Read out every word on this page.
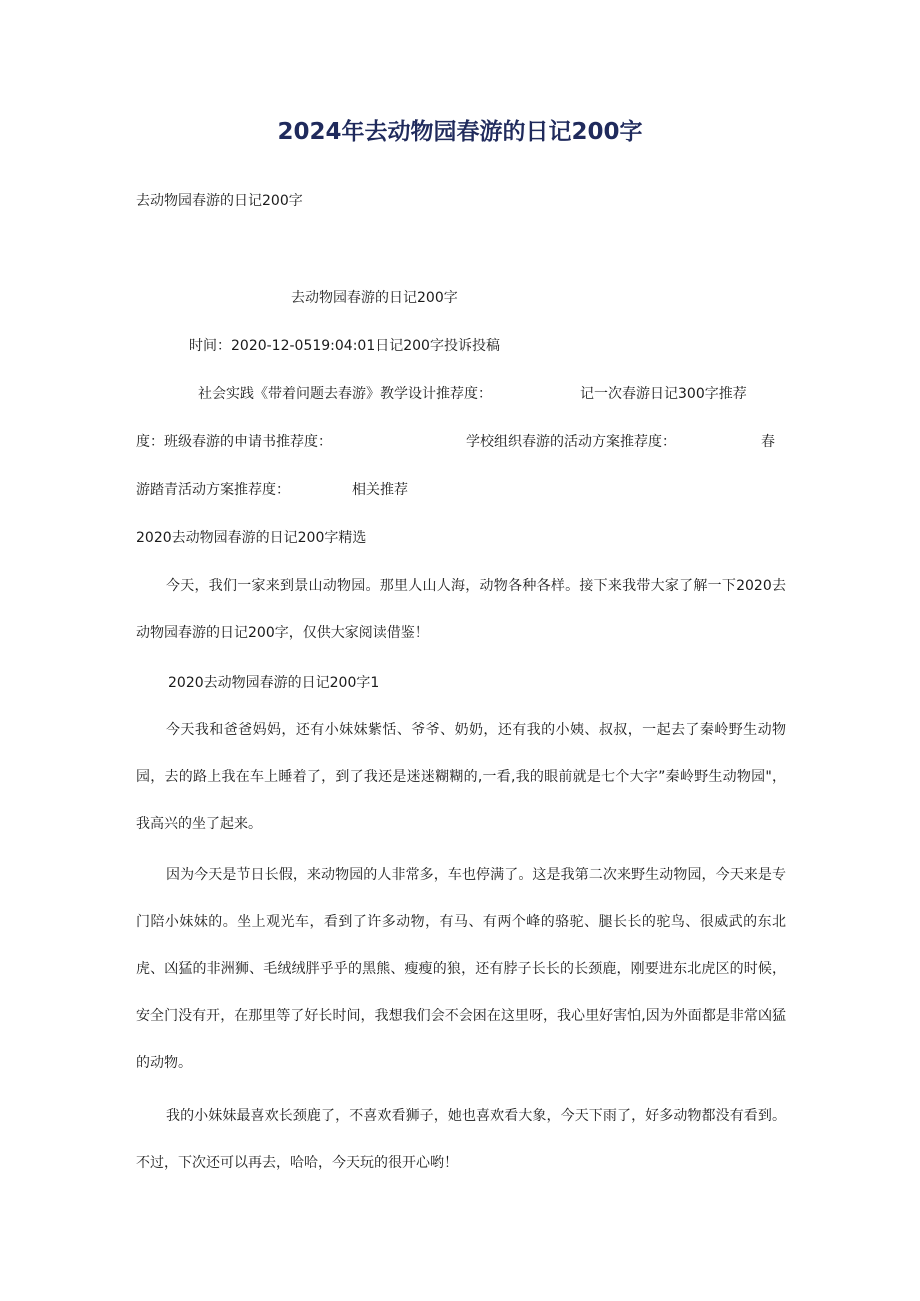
2024年去动物园春游的日记200字
去动物园春游的日记200字
去动物园春游的日记200字
时间：2020-12-0519:04:01日记200字投诉投稿
社会实践《带着问题去春游》教学设计推荐度：	记一次春游日记300字推荐
度：班级春游的申请书推荐度：	学校组织春游的活动方案推荐度：	春
游踏青活动方案推荐度：	相关推荐
2020去动物园春游的日记200字精选
今天，我们一家来到景山动物园。那里人山人海，动物各种各样。接下来我带大家了解一下2020去动物园春游的日记200字，仅供大家阅读借鉴！
2020去动物园春游的日记200字1
今天我和爸爸妈妈，还有小妹妹紫恬、爷爷、奶奶，还有我的小姨、叔叔，一起去了秦岭野生动物园，去的路上我在车上睡着了，到了我还是迷迷糊糊的,一看,我的眼前就是七个大字”秦岭野生动物园"，我高兴的坐了起来。
因为今天是节日长假，来动物园的人非常多，车也停满了。这是我第二次来野生动物园，今天来是专门陪小妹妹的。坐上观光车，看到了许多动物，有马、有两个峰的骆驼、腿长长的驼鸟、很威武的东北虎、凶猛的非洲狮、毛绒绒胖乎乎的黑熊、瘦瘦的狼，还有脖子长长的长颈鹿，刚要进东北虎区的时候，安全门没有开，在那里等了好长时间，我想我们会不会困在这里呀，我心里好害怕,因为外面都是非常凶猛的动物。
我的小妹妹最喜欢长颈鹿了，不喜欢看狮子，她也喜欢看大象，今天下雨了，好多动物都没有看到。不过，下次还可以再去，哈哈，今天玩的很开心哟！
